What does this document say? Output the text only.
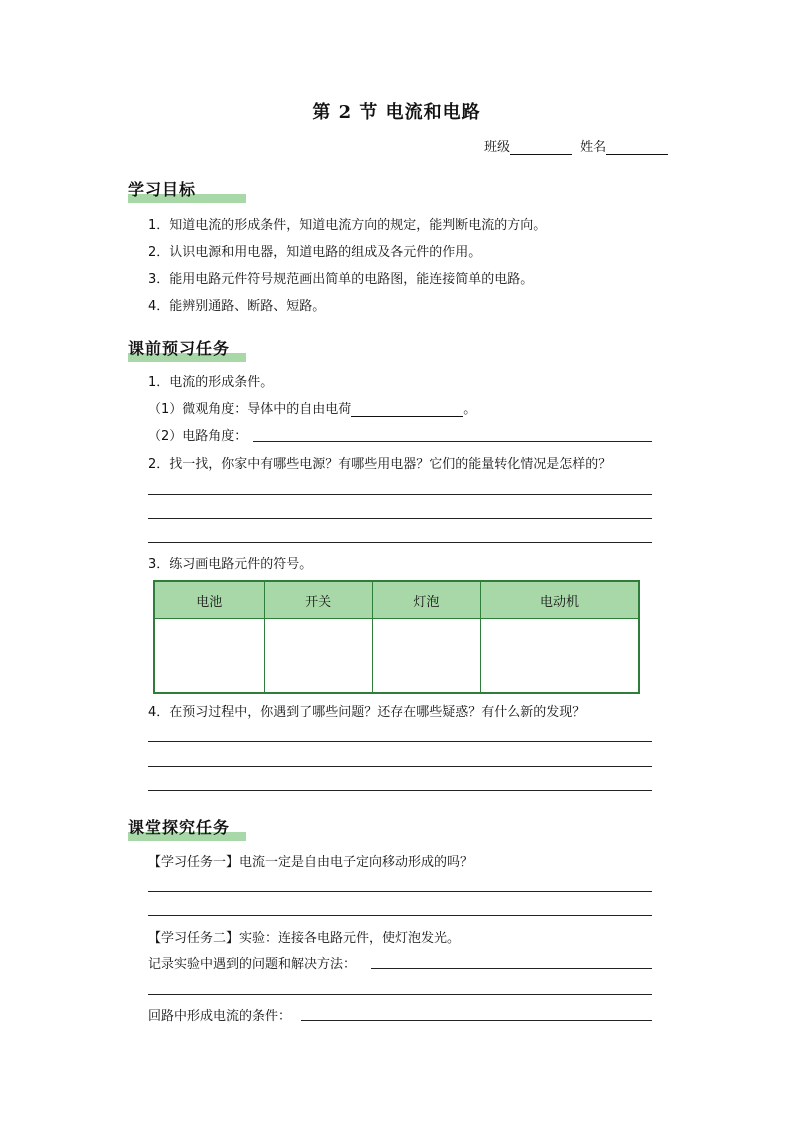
第 2 节 电流和电路
班级	姓名
学习目标
1．知道电流的形成条件，知道电流方向的规定，能判断电流的方向。
2．认识电源和用电器，知道电路的组成及各元件的作用。
3．能用电路元件符号规范画出简单的电路图，能连接简单的电路。
4．能辨别通路、断路、短路。
课前预习任务
1．电流的形成条件。
（1）微观角度：导体中的自由电荷	。
（2）电路角度：
2．找一找，你家中有哪些电源？有哪些用电器？它们的能量转化情况是怎样的？
3．练习画电路元件的符号。
电池	开关	灯泡	电动机

4．在预习过程中，你遇到了哪些问题？还存在哪些疑惑？有什么新的发现？
课堂探究任务
【学习任务一】电流一定是自由电子定向移动形成的吗？
【学习任务二】实验：连接各电路元件，使灯泡发光。
记录实验中遇到的问题和解决方法：
回路中形成电流的条件：
